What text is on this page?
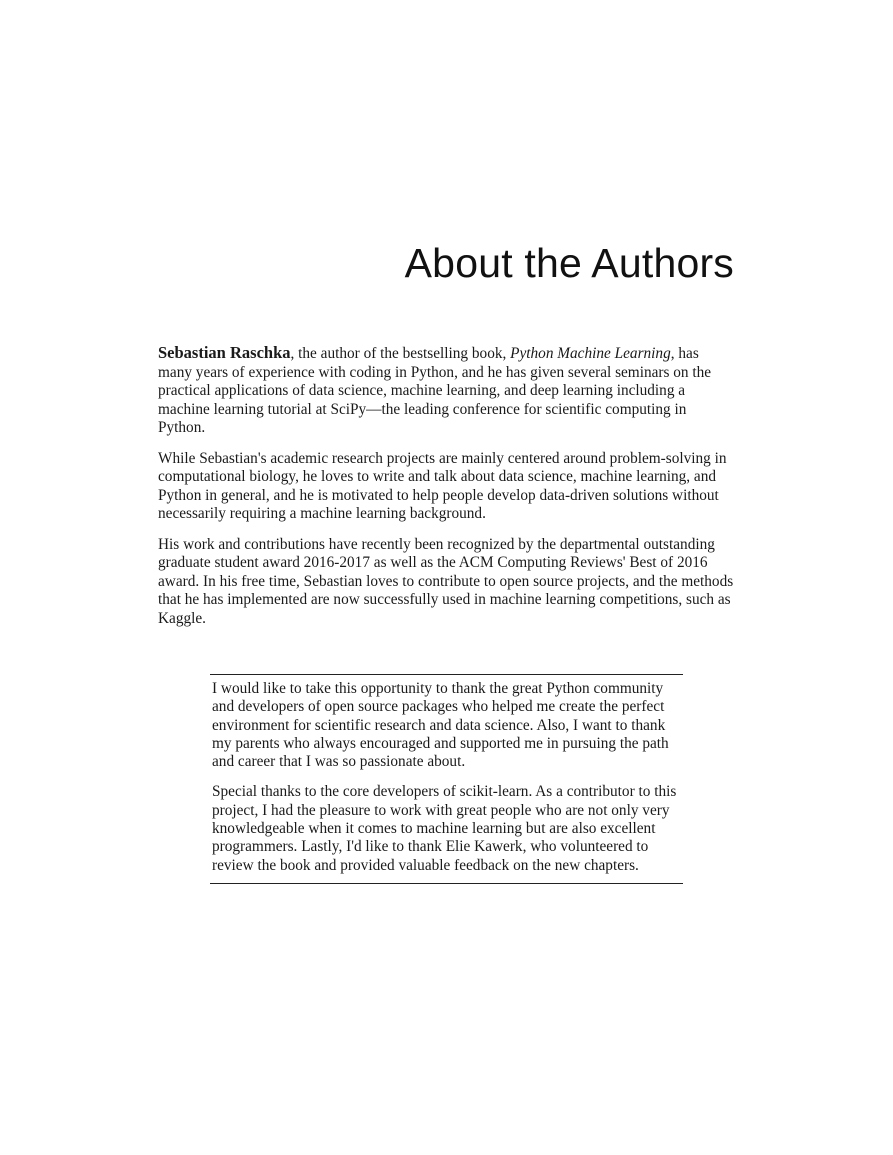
About the Authors

Sebastian Raschka, the author of the bestselling book, Python Machine Learning, has many years of experience with coding in Python, and he has given several seminars on the practical applications of data science, machine learning, and deep learning including a machine learning tutorial at SciPy—the leading conference for scientific computing in Python.

While Sebastian's academic research projects are mainly centered around problem-solving in computational biology, he loves to write and talk about data science, machine learning, and Python in general, and he is motivated to help people develop data-driven solutions without necessarily requiring a machine learning background.

His work and contributions have recently been recognized by the departmental outstanding graduate student award 2016-2017 as well as the ACM Computing Reviews' Best of 2016 award. In his free time, Sebastian loves to contribute to open source projects, and the methods that he has implemented are now successfully used in machine learning competitions, such as Kaggle.

I would like to take this opportunity to thank the great Python community and developers of open source packages who helped me create the perfect environment for scientific research and data science. Also, I want to thank my parents who always encouraged and supported me in pursuing the path and career that I was so passionate about.

Special thanks to the core developers of scikit-learn. As a contributor to this project, I had the pleasure to work with great people who are not only very knowledgeable when it comes to machine learning but are also excellent programmers. Lastly, I'd like to thank Elie Kawerk, who volunteered to review the book and provided valuable feedback on the new chapters.
